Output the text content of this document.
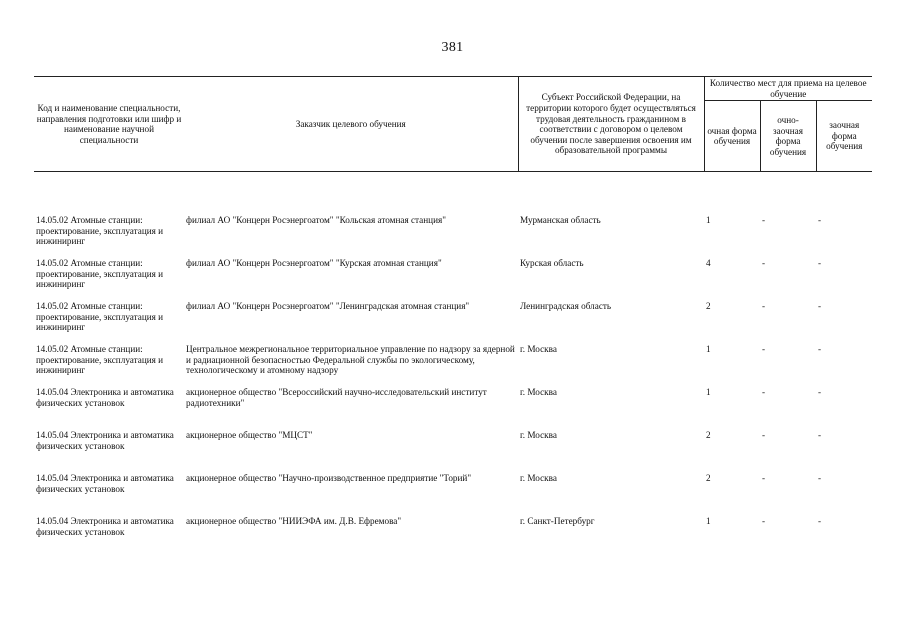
381
Код и наименование специальности, направления подготовки или шифр и наименование научной специальности	Заказчик целевого обучения	Субъект Российской Федерации, на территории которого будет осуществляться трудовая деятельность гражданином в соответствии с договором о целевом обучении после завершения освоения им образовательной программы	Количество мест для приема на целевое обучение		
			очная форма обучения	очно-заочная форма обучения	заочная форма обучения

14.05.02 Атомные станции: проектирование, эксплуатация и инжиниринг	филиал АО "Концерн Росэнергоатом" "Кольская атомная станция"	Мурманская область	1	-	-
14.05.02 Атомные станции: проектирование, эксплуатация и инжиниринг	филиал АО "Концерн Росэнергоатом" "Курская атомная станция"	Курская область	4	-	-
14.05.02 Атомные станции: проектирование, эксплуатация и инжиниринг	филиал АО "Концерн Росэнергоатом" "Ленинградская атомная станция"	Ленинградская область	2	-	-
14.05.02 Атомные станции: проектирование, эксплуатация и инжиниринг	Центральное межрегиональное территориальное управление по надзору за ядерной и радиационной безопасностью Федеральной службы по экологическому, технологическому и атомному надзору	г. Москва	1	-	-
14.05.04 Электроника и автоматика физических установок	акционерное общество "Всероссийский научно-исследовательский институт радиотехники"	г. Москва	1	-	-
14.05.04 Электроника и автоматика физических установок	акционерное общество "МЦСТ"	г. Москва	2	-	-
14.05.04 Электроника и автоматика физических установок	акционерное общество "Научно-производственное предприятие "Торий"	г. Москва	2	-	-
14.05.04 Электроника и автоматика физических установок	акционерное общество "НИИЭФА им. Д.В. Ефремова"	г. Санкт-Петербург	1	-	-
